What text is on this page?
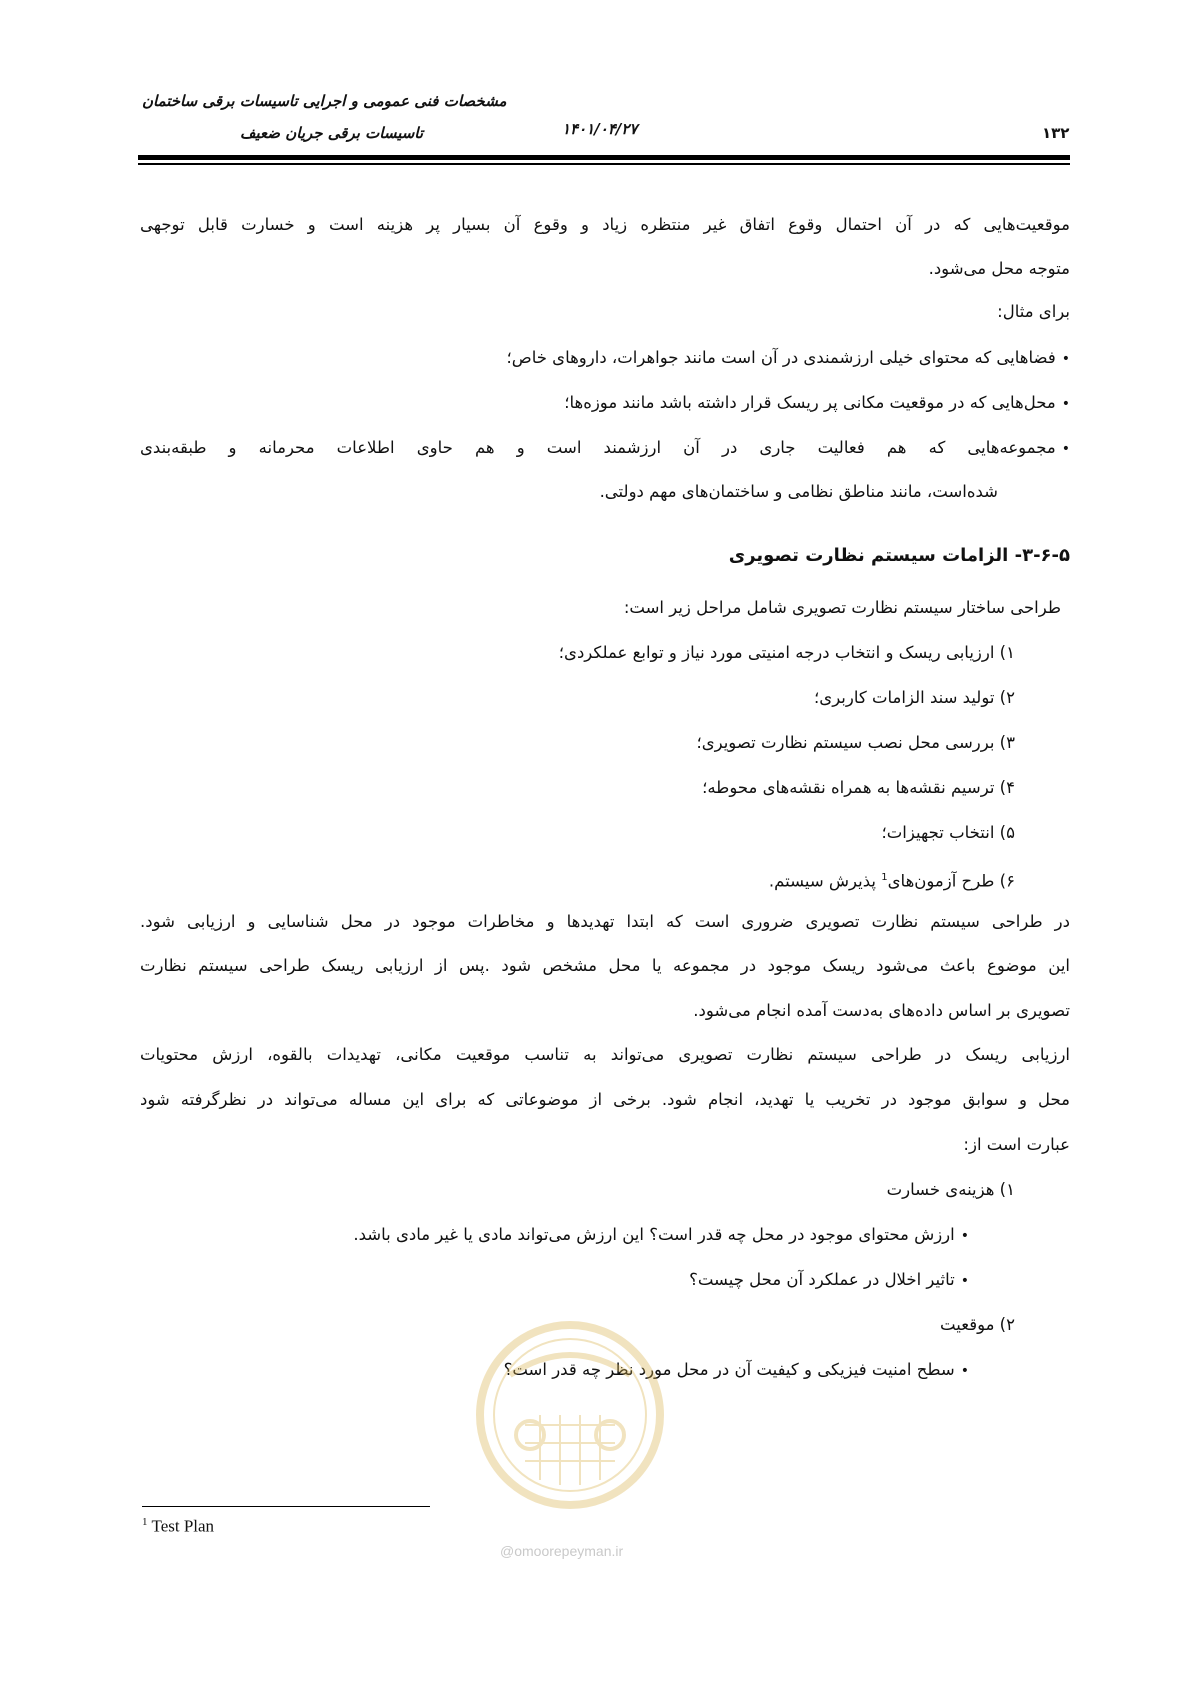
مشخصات فنی عمومی و اجرایی تاسیسات برقی ساختمان
تاسیسات برقی جریان ضعیف	۱۴۰۱/۰۴/۲۷	۱۳۲
موقعیت‌هایی که در آن احتمال وقوع اتفاق غیر منتظره زیاد و وقوع آن بسیار پر هزینه است و خسارت قابل توجهی
متوجه محل می‌شود.
برای مثال:
•فضاهایی که محتوای خیلی ارزشمندی در آن است مانند جواهرات، داروهای خاص؛
•محل‌هایی که در موقعیت مکانی پر ریسک قرار داشته باشد مانند موزه‌ها؛
•مجموعه‌هایی که هم فعالیت جاری در آن ارزشمند است و هم حاوی اطلاعات محرمانه و طبقه‌بندی
شده‌است، مانند مناطق نظامی و ساختمان‌های مهم دولتی.
۳-۶-۵- الزامات سیستم نظارت تصویری
طراحی ساختار سیستم نظارت تصویری شامل مراحل زیر است:
۱) ارزیابی ریسک و انتخاب درجه امنیتی مورد نیاز و توابع عملکردی؛
۲) تولید سند الزامات کاربری؛
۳) بررسی محل نصب سیستم نظارت تصویری؛
۴) ترسیم نقشه‌ها به همراه نقشه‌های محوطه؛
۵) انتخاب تجهیزات؛
۶) طرح آزمون‌های$^1$ پذیرش سیستم.
در طراحی سیستم نظارت تصویری ضروری است که ابتدا تهدیدها و مخاطرات موجود در محل شناسایی و ارزیابی شود.
این موضوع باعث می‌شود ریسک موجود در مجموعه یا محل مشخص شود .پس از ارزیابی ریسک طراحی سیستم نظارت
تصویری بر اساس داده‌های به‌دست آمده انجام می‌شود.
ارزیابی ریسک در طراحی سیستم نظارت تصویری می‌تواند به تناسب موقعیت مکانی، تهدیدات بالقوه، ارزش محتویات
محل و سوابق موجود در تخریب یا تهدید، انجام شود. برخی از موضوعاتی که برای این مساله می‌تواند در نظرگرفته شود
عبارت است از:
۱) هزینه‌ی خسارت
•ارزش محتوای موجود در محل چه قدر است؟ این ارزش می‌تواند مادی یا غیر مادی باشد.
•تاثیر اخلال در عملکرد آن محل چیست؟
۲) موقعیت
•سطح امنیت فیزیکی و کیفیت آن در محل مورد نظر چه قدر است؟
@omoorepeyman.ir
$^1$ Test Plan
